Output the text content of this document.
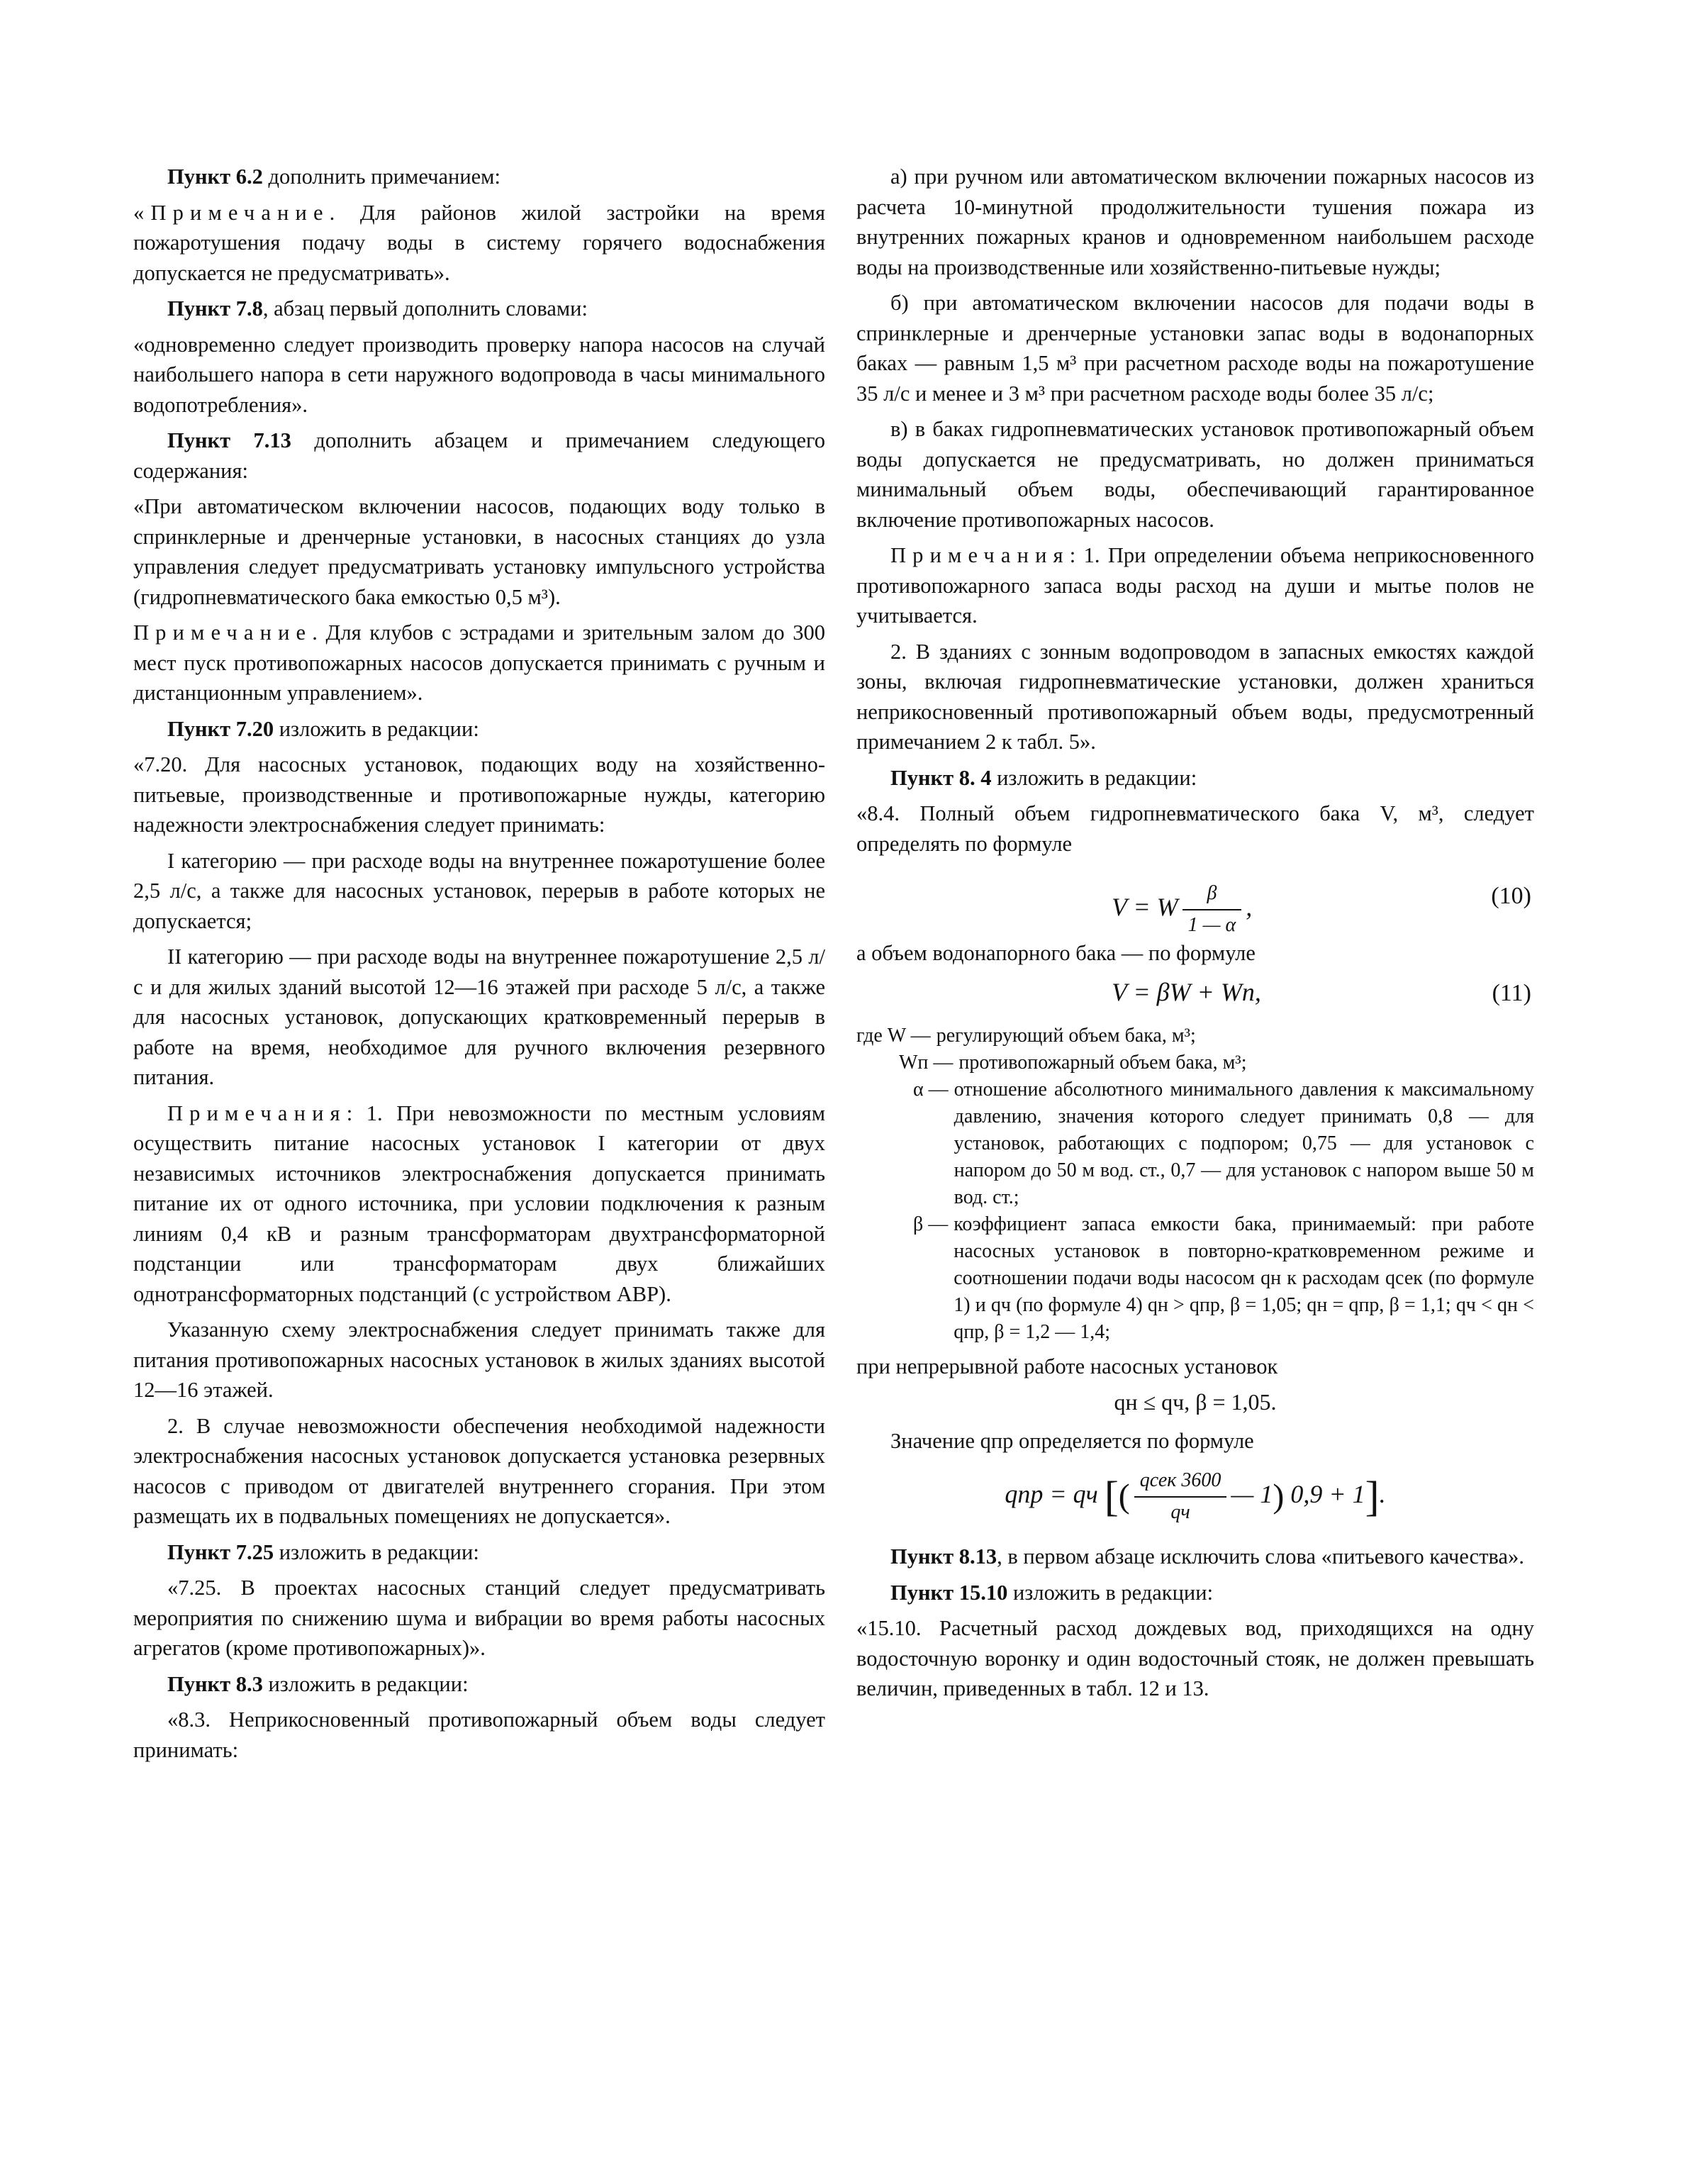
Пункт 6.2 дополнить примечанием:

«Примечание. Для районов жилой застройки на время пожаротушения подачу воды в систему горячего водоснабжения допускается не предусматривать».

Пункт 7.8, абзац первый дополнить словами:

«одновременно следует производить проверку напора насосов на случай наибольшего напора в сети наружного водопровода в часы минимального водопотребления».

Пункт 7.13 дополнить абзацем и примечанием следующего содержания:

«При автоматическом включении насосов, подающих воду только в спринклерные и дренчерные установки, в насосных станциях до узла управления следует предусматривать установку импульсного устройства (гидропневматического бака емкостью 0,5 м³).

Примечание. Для клубов с эстрадами и зрительным залом до 300 мест пуск противопожарных насосов допускается принимать с ручным и дистанционным управлением».

Пункт 7.20 изложить в редакции:

«7.20. Для насосных установок, подающих воду на хозяйственно-питьевые, производственные и противопожарные нужды, категорию надежности электроснабжения следует принимать:

I категорию — при расходе воды на внутреннее пожаротушение более 2,5 л/с, а также для насосных установок, перерыв в работе которых не допускается;

II категорию — при расходе воды на внутреннее пожаротушение 2,5 л/с и для жилых зданий высотой 12—16 этажей при расходе 5 л/с, а также для насосных установок, допускающих кратковременный перерыв в работе на время, необходимое для ручного включения резервного питания.

Примечания: 1. При невозможности по местным условиям осуществить питание насосных установок I категории от двух независимых источников электроснабжения допускается принимать питание их от одного источника, при условии подключения к разным линиям 0,4 кВ и разным трансформаторам двухтрансформаторной подстанции или трансформаторам двух ближайших однотрансформаторных подстанций (с устройством АВР).

Указанную схему электроснабжения следует принимать также для питания противопожарных насосных установок в жилых зданиях высотой 12—16 этажей.

2. В случае невозможности обеспечения необходимой надежности электроснабжения насосных установок допускается установка резервных насосов с приводом от двигателей внутреннего сгорания. При этом размещать их в подвальных помещениях не допускается».

Пункт 7.25 изложить в редакции:

«7.25. В проектах насосных станций следует предусматривать мероприятия по снижению шума и вибрации во время работы насосных агрегатов (кроме противопожарных)».

Пункт 8.3 изложить в редакции:

«8.3. Неприкосновенный противопожарный объем воды следует принимать:

а) при ручном или автоматическом включении пожарных насосов из расчета 10-минутной продолжительности тушения пожара из внутренних пожарных кранов и одновременном наибольшем расходе воды на производственные или хозяйственно-питьевые нужды;

б) при автоматическом включении насосов для подачи воды в спринклерные и дренчерные установки запас воды в водонапорных баках — равным 1,5 м³ при расчетном расходе воды на пожаротушение 35 л/с и менее и 3 м³ при расчетном расходе воды более 35 л/с;

в) в баках гидропневматических установок противопожарный объем воды допускается не предусматривать, но должен приниматься минимальный объем воды, обеспечивающий гарантированное включение противопожарных насосов.

Примечания: 1. При определении объема неприкосновенного противопожарного запаса воды расход на души и мытье полов не учитывается.

2. В зданиях с зонным водопроводом в запасных емкостях каждой зоны, включая гидропневматические установки, должен храниться неприкосновенный противопожарный объем воды, предусмотренный примечанием 2 к табл. 5».

Пункт 8. 4 изложить в редакции:

«8.4. Полный объем гидропневматического бака V, м³, следует определять по формуле

V = W $\frac{\beta}{1 — \alpha}$ ,	(10)

а объем водонапорного бака — по формуле

V = βW + Wп,	(11)
где W — регулирующий объем бака, м³;
Wп — противопожарный объем бака, м³;
α — отношение абсолютного минимального давления к максимальному давлению, значения которого следует принимать 0,8 — для установок, работающих с подпором; 0,75 — для установок с напором до 50 м вод. ст., 0,7 — для установок с напором выше 50 м вод. ст.;
β — коэффициент запаса емкости бака, принимаемый: при работе насосных установок в повторно-кратковременном режиме и соотношении подачи воды насосом qн к расходам qсек (по формуле 1) и qч (по формуле 4) qн > qпр, β = 1,05; qн = qпр, β = 1,1; qч < qн < qпр, β = 1,2 — 1,4;

при непрерывной работе насосных установок

qн ≤ qч, β = 1,05.

Значение qпр определяется по формуле

qпр = qч [( $\frac{\text{qсек 3600}}{qч}$ — 1) 0,9 + 1].

Пункт 8.13, в первом абзаце исключить слова «питьевого качества».

Пункт 15.10 изложить в редакции:

«15.10. Расчетный расход дождевых вод, приходящихся на одну водосточную воронку и один водосточный стояк, не должен превышать величин, приведенных в табл. 12 и 13.
